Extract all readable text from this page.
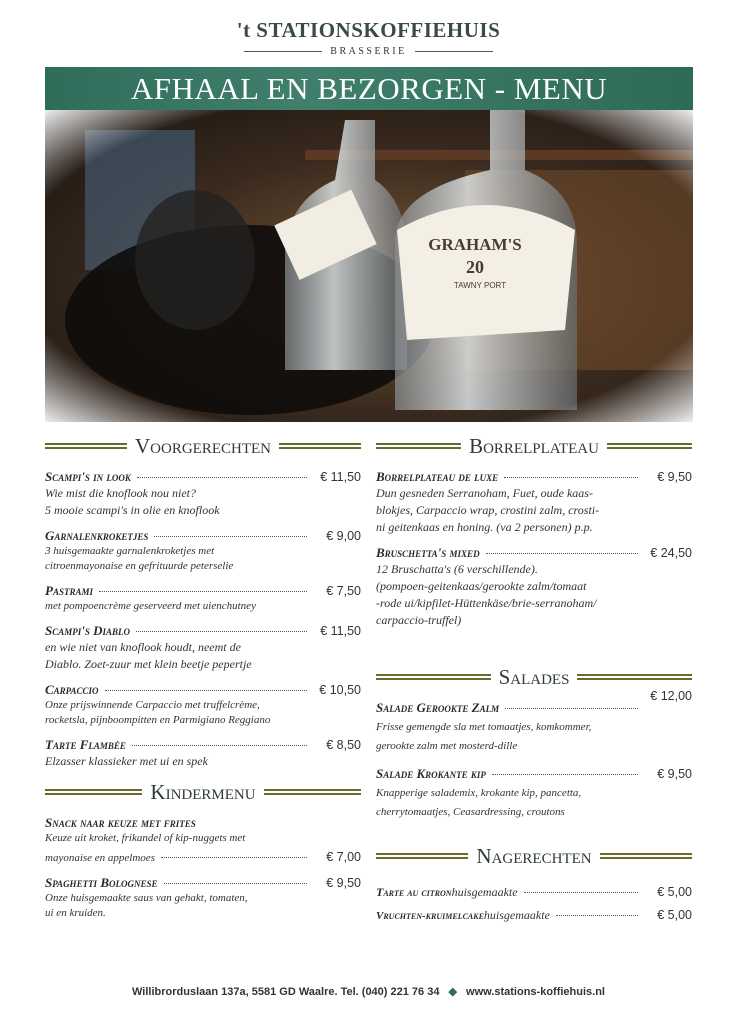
't STATIONSKOFFIEHUIS
BRASSERIE
AFHAAL EN BEZORGEN - MENU
Voorgerechten
Scampi's in look	€ 11,50
Wie mist die knoflook nou niet?
5 mooie scampi's in olie en knoflook
Garnalenkroketjes	€ 9,00
3 huisgemaakte garnalenkroketjes met
citroenmayonaise en gefrituurde peterselie
Pastrami	€ 7,50
met pompoencrème geserveerd met uienchutney
Scampi's Diablo	€ 11,50
en wie niet van knoflook houdt, neemt de
Diablo. Zoet-zuur met klein beetje pepertje
Carpaccio	€ 10,50
Onze prijswinnende Carpaccio met truffelcrème,
rocketsla, pijnboompitten en Parmigiano Reggiano
Tarte Flambée	€ 8,50
Elzasser klassieker met ui en spek
Kindermenu
Snack naar keuze met frites
Keuze uit kroket, frikandel of kip-nuggets met
mayonaise en appelmoes	€ 7,00
Spaghetti Bolognese	€ 9,50
Onze huisgemaakte saus van gehakt, tomaten,
ui en kruiden.
Borrelplateau
Borrelplateau de luxe	€ 9,50
Dun gesneden Serranoham, Fuet, oude kaas-
blokjes, Carpaccio wrap, crostini zalm, crosti-
ni geitenkaas en honing. (va 2 personen) p.p.
Bruschetta's mixed	€ 24,50
12 Bruschatta's (6 verschillende).
(pompoen-geitenkaas/gerookte zalm/tomaat
-rode ui/kipfilet-Hüttenkäse/brie-serranoham/
carpaccio-truffel)
Salades
Salade Gerookte Zalm
€ 12,00
Frisse gemengde sla met tomaatjes, komkommer,
gerookte zalm met mosterd-dille
Salade Krokante kip	€ 9,50
Knapperige salademix, krokante kip, pancetta,
cherrytomaatjes, Ceasardressing, croutons
Nagerechten
Tarte au citron huisgemaakte	€ 5,00
Vruchten-kruimelcake huisgemaakte	€ 5,00
Willibrorduslaan 137a, 5581 GD Waalre. Tel. (040) 221 76 34 ◆ www.stations-koffiehuis.nl
